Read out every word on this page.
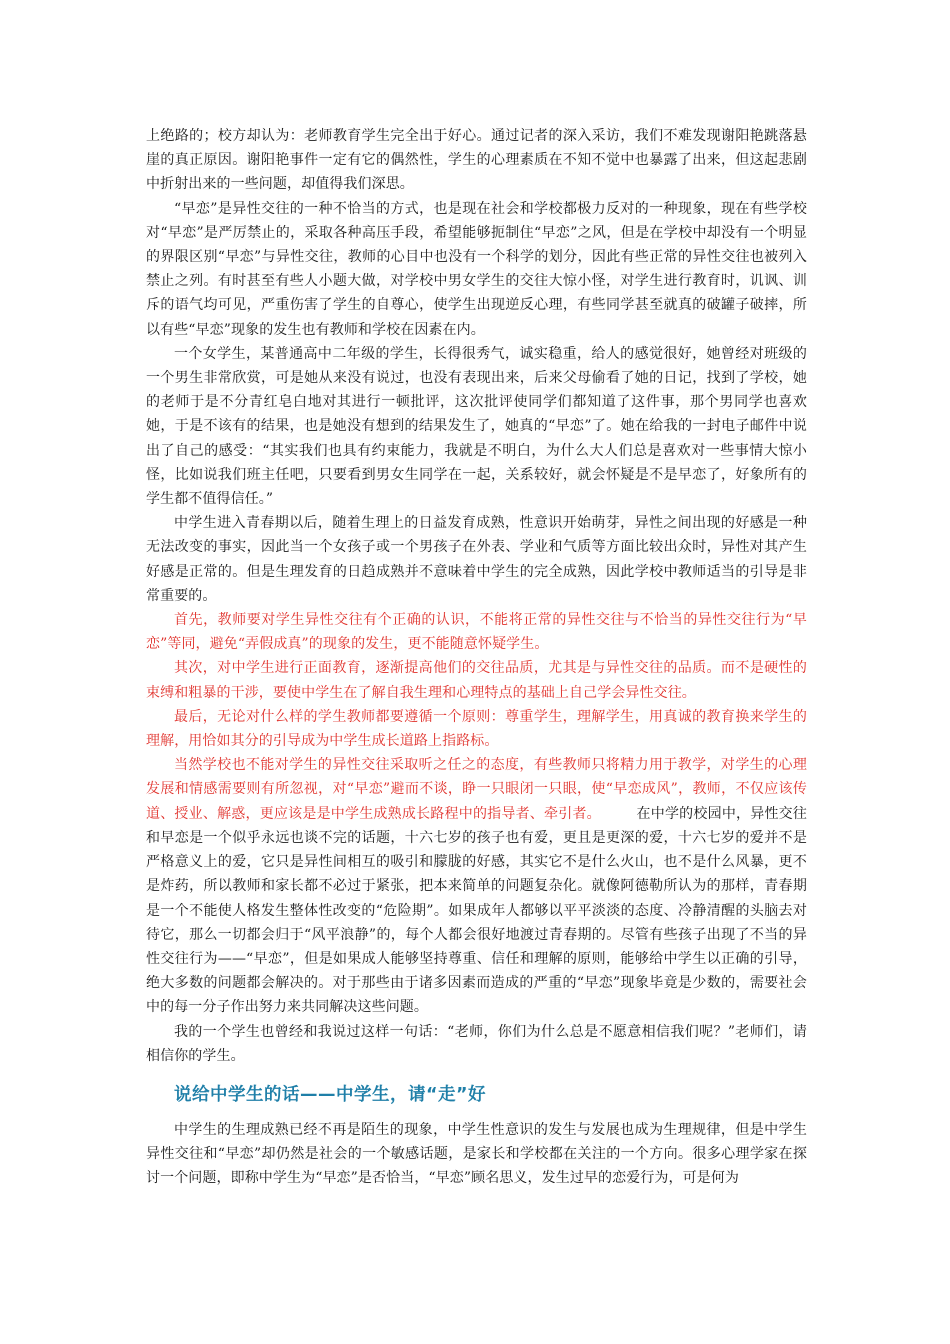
上绝路的；校方却认为：老师教育学生完全出于好心。通过记者的深入采访，我们不难发现谢阳艳跳落悬崖的真正原因。谢阳艳事件一定有它的偶然性，学生的心理素质在不知不觉中也暴露了出来，但这起悲剧中折射出来的一些问题，却值得我们深思。

“早恋”是异性交往的一种不恰当的方式，也是现在社会和学校都极力反对的一种现象，现在有些学校对“早恋”是严厉禁止的，采取各种高压手段，希望能够扼制住“早恋”之风，但是在学校中却没有一个明显的界限区别“早恋”与异性交往，教师的心目中也没有一个科学的划分，因此有些正常的异性交往也被列入禁止之列。有时甚至有些人小题大做，对学校中男女学生的交往大惊小怪，对学生进行教育时，讥讽、训斥的语气均可见，严重伤害了学生的自尊心，使学生出现逆反心理，有些同学甚至就真的破罐子破摔，所以有些“早恋”现象的发生也有教师和学校在因素在内。

一个女学生，某普通高中二年级的学生，长得很秀气，诚实稳重，给人的感觉很好，她曾经对班级的一个男生非常欣赏，可是她从来没有说过，也没有表现出来，后来父母偷看了她的日记，找到了学校，她的老师于是不分青红皂白地对其进行一顿批评，这次批评使同学们都知道了这件事，那个男同学也喜欢她，于是不该有的结果，也是她没有想到的结果发生了，她真的“早恋”了。她在给我的一封电子邮件中说出了自己的感受：“其实我们也具有约束能力，我就是不明白，为什么大人们总是喜欢对一些事情大惊小怪，比如说我们班主任吧，只要看到男女生同学在一起，关系较好，就会怀疑是不是早恋了，好象所有的学生都不值得信任。”

中学生进入青春期以后，随着生理上的日益发育成熟，性意识开始萌芽，异性之间出现的好感是一种无法改变的事实，因此当一个女孩子或一个男孩子在外表、学业和气质等方面比较出众时，异性对其产生好感是正常的。但是生理发育的日趋成熟并不意味着中学生的完全成熟，因此学校中教师适当的引导是非常重要的。

首先，教师要对学生异性交往有个正确的认识，不能将正常的异性交往与不恰当的异性交往行为“早恋”等同，避免“弄假成真”的现象的发生，更不能随意怀疑学生。

其次，对中学生进行正面教育，逐渐提高他们的交往品质，尤其是与异性交往的品质。而不是硬性的束缚和粗暴的干涉，要使中学生在了解自我生理和心理特点的基础上自己学会异性交往。

最后，无论对什么样的学生教师都要遵循一个原则：尊重学生，理解学生，用真诚的教育换来学生的理解，用恰如其分的引导成为中学生成长道路上指路标。

当然学校也不能对学生的异性交往采取听之任之的态度，有些教师只将精力用于教学，对学生的心理发展和情感需要则有所忽视，对“早恋”避而不谈，睁一只眼闭一只眼，使“早恋成风”，教师，不仅应该传道、授业、解惑，更应该是是中学生成熟成长路程中的指导者、牵引者。　　　	在中学的校园中，异性交往和早恋是一个似乎永远也谈不完的话题，十六七岁的孩子也有爱，更且是更深的爱，十六七岁的爱并不是严格意义上的爱，它只是异性间相互的吸引和朦胧的好感，其实它不是什么火山，也不是什么风暴，更不是炸药，所以教师和家长都不必过于紧张，把本来简单的问题复杂化。就像阿德勒所认为的那样，青春期是一个不能使人格发生整体性改变的“危险期”。如果成年人都够以平平淡淡的态度、冷静清醒的头脑去对待它，那么一切都会归于“风平浪静”的，每个人都会很好地渡过青春期的。尽管有些孩子出现了不当的异性交往行为——“早恋”，但是如果成人能够坚持尊重、信任和理解的原则，能够给中学生以正确的引导，绝大多数的问题都会解决的。对于那些由于诸多因素而造成的严重的“早恋”现象毕竟是少数的，需要社会中的每一分子作出努力来共同解决这些问题。

我的一个学生也曾经和我说过这样一句话：“老师，你们为什么总是不愿意相信我们呢？”老师们，请相信你的学生。

说给中学生的话——中学生，请“走”好

中学生的生理成熟已经不再是陌生的现象，中学生性意识的发生与发展也成为生理规律，但是中学生异性交往和“早恋”却仍然是社会的一个敏感话题，是家长和学校都在关注的一个方向。很多心理学家在探讨一个问题，即称中学生为“早恋”是否恰当，“早恋”顾名思义，发生过早的恋爱行为，可是何为
